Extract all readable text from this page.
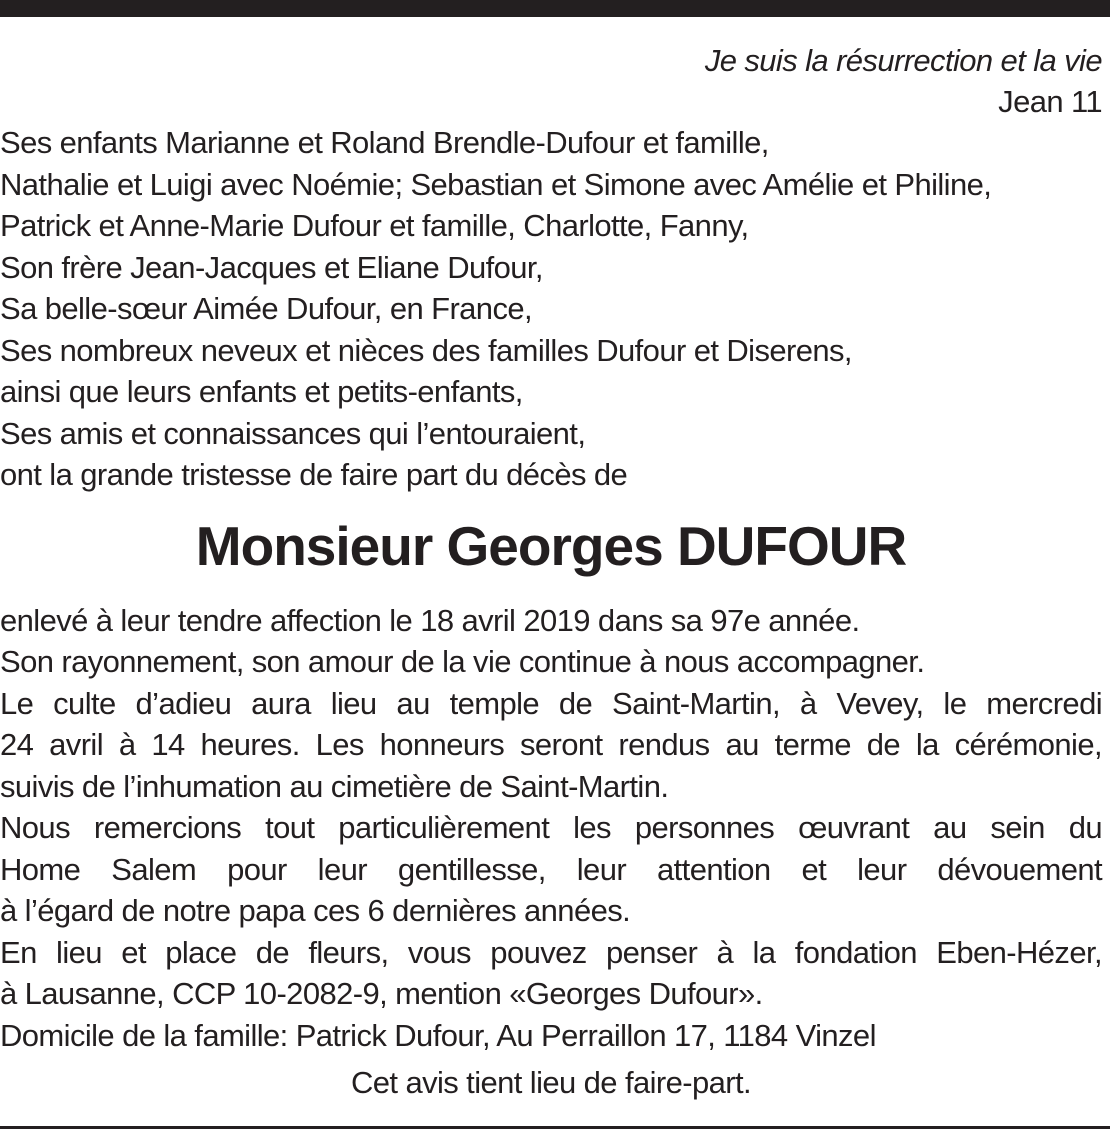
Je suis la résurrection et la vie
Jean 11
Ses enfants Marianne et Roland Brendle-Dufour et famille,
Nathalie et Luigi avec Noémie; Sebastian et Simone avec Amélie et Philine,
Patrick et Anne-Marie Dufour et famille, Charlotte, Fanny,
Son frère Jean-Jacques et Eliane Dufour,
Sa belle-sœur Aimée Dufour, en France,
Ses nombreux neveux et nièces des familles Dufour et Diserens,
ainsi que leurs enfants et petits-enfants,
Ses amis et connaissances qui l’entouraient,
ont la grande tristesse de faire part du décès de
Monsieur Georges DUFOUR
enlevé à leur tendre affection le 18 avril 2019 dans sa 97e année.
Son rayonnement, son amour de la vie continue à nous accompagner.
Le culte d’adieu aura lieu au temple de Saint-Martin, à Vevey, le mercredi
24 avril à 14 heures. Les honneurs seront rendus au terme de la cérémonie,
suivis de l’inhumation au cimetière de Saint-Martin.
Nous remercions tout particulièrement les personnes œuvrant au sein du
Home Salem pour leur gentillesse, leur attention et leur dévouement
à l’égard de notre papa ces 6 dernières années.
En lieu et place de fleurs, vous pouvez penser à la fondation Eben-Hézer,
à Lausanne, CCP 10-2082-9, mention «Georges Dufour».
Domicile de la famille: Patrick Dufour, Au Perraillon 17, 1184 Vinzel
Cet avis tient lieu de faire-part.
